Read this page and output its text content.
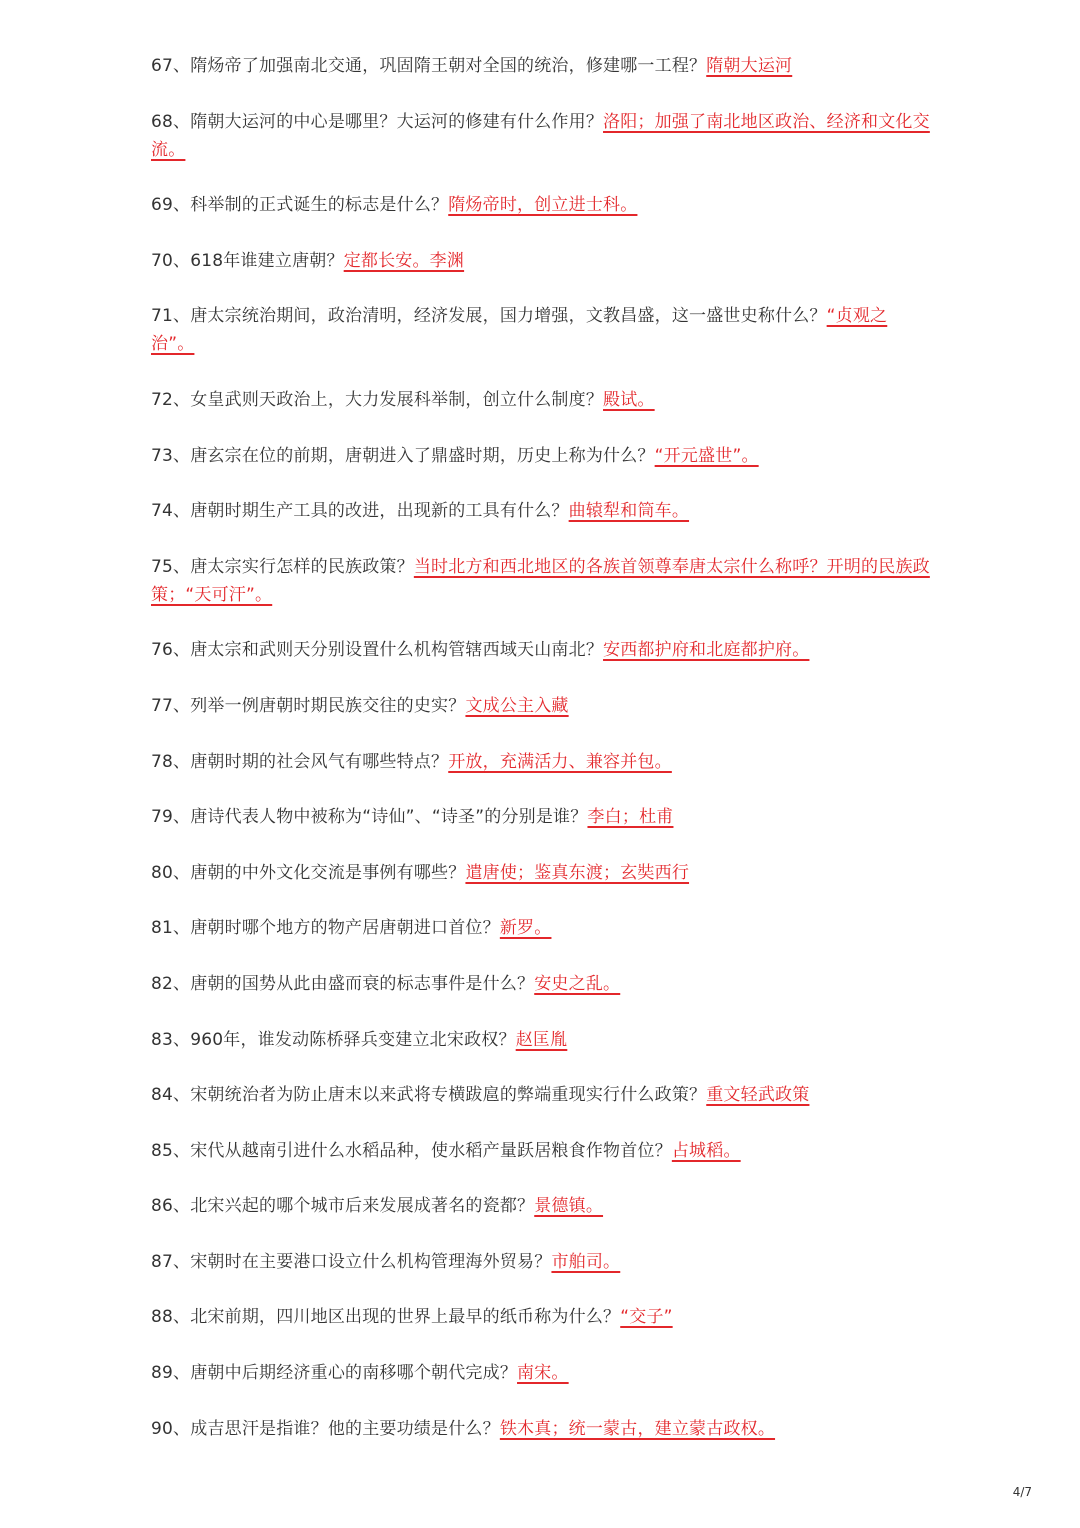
67、隋炀帝了加强南北交通，巩固隋王朝对全国的统治，修建哪一工程？隋朝大运河

68、隋朝大运河的中心是哪里？大运河的修建有什么作用？洛阳；加强了南北地区政治、经济和文化交流。

69、科举制的正式诞生的标志是什么？隋炀帝时，创立进士科。

70、618年谁建立唐朝？定都长安。李渊

71、唐太宗统治期间，政治清明，经济发展，国力增强，文教昌盛，这一盛世史称什么？“贞观之治”。

72、女皇武则天政治上，大力发展科举制，创立什么制度？殿试。

73、唐玄宗在位的前期，唐朝进入了鼎盛时期，历史上称为什么？“开元盛世”。

74、唐朝时期生产工具的改进，出现新的工具有什么？曲辕犁和筒车。

75、唐太宗实行怎样的民族政策？当时北方和西北地区的各族首领尊奉唐太宗什么称呼？开明的民族政策；“天可汗”。

76、唐太宗和武则天分别设置什么机构管辖西域天山南北？安西都护府和北庭都护府。

77、列举一例唐朝时期民族交往的史实？文成公主入藏

78、唐朝时期的社会风气有哪些特点？开放，充满活力、兼容并包。

79、唐诗代表人物中被称为“诗仙”、“诗圣”的分别是谁？李白；杜甫

80、唐朝的中外文化交流是事例有哪些？遣唐使；鉴真东渡；玄奘西行

81、唐朝时哪个地方的物产居唐朝进口首位？新罗。

82、唐朝的国势从此由盛而衰的标志事件是什么？安史之乱。

83、960年，谁发动陈桥驿兵变建立北宋政权？赵匡胤

84、宋朝统治者为防止唐末以来武将专横跋扈的弊端重现实行什么政策？重文轻武政策

85、宋代从越南引进什么水稻品种，使水稻产量跃居粮食作物首位？占城稻。

86、北宋兴起的哪个城市后来发展成著名的瓷都？景德镇。

87、宋朝时在主要港口设立什么机构管理海外贸易？市舶司。

88、北宋前期，四川地区出现的世界上最早的纸币称为什么？“交子”

89、唐朝中后期经济重心的南移哪个朝代完成？南宋。

90、成吉思汗是指谁？他的主要功绩是什么？铁木真；统一蒙古，建立蒙古政权。

4/7
